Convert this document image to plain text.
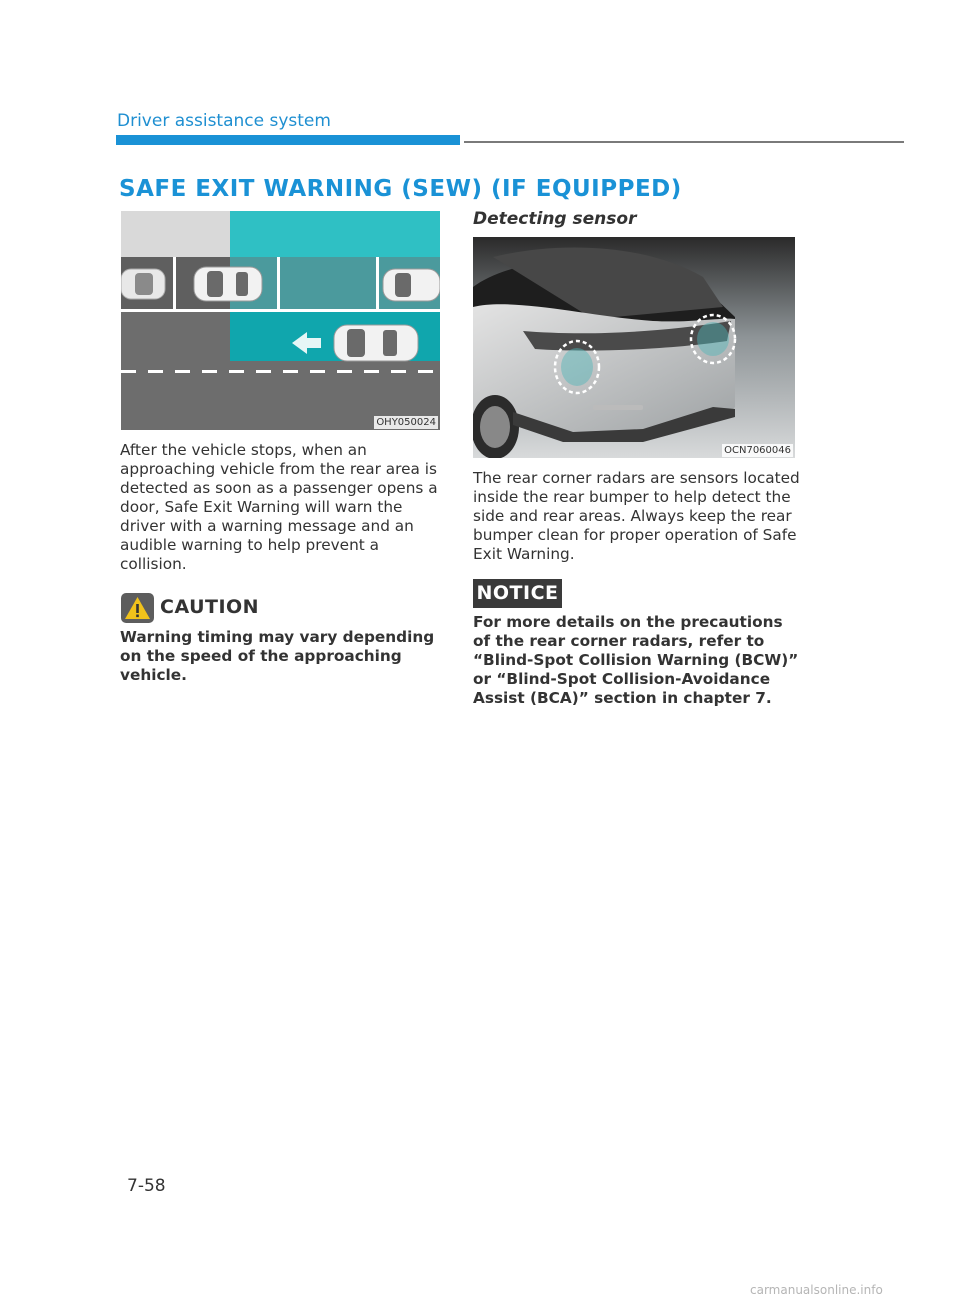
Driver assistance system
SAFE EXIT WARNING (SEW) (IF EQUIPPED)
OHY050024
After the vehicle stops, when an approaching vehicle from the rear area is detected as soon as a passenger opens a door, Safe Exit Warning will warn the driver with a warning message and an audible warning to help prevent a collision.
CAUTION
Warning timing may vary depending on the speed of the approaching vehicle.
Detecting sensor
OCN7060046
The rear corner radars are sensors located inside the rear bumper to help detect the side and rear areas. Always keep the rear bumper clean for proper operation of Safe Exit Warning.
NOTICE
For more details on the precautions of the rear corner radars, refer to “Blind-Spot Collision Warning (BCW)” or “Blind-Spot Collision-Avoidance Assist (BCA)” section in chapter 7.
7-58
carmanualsonline.info
